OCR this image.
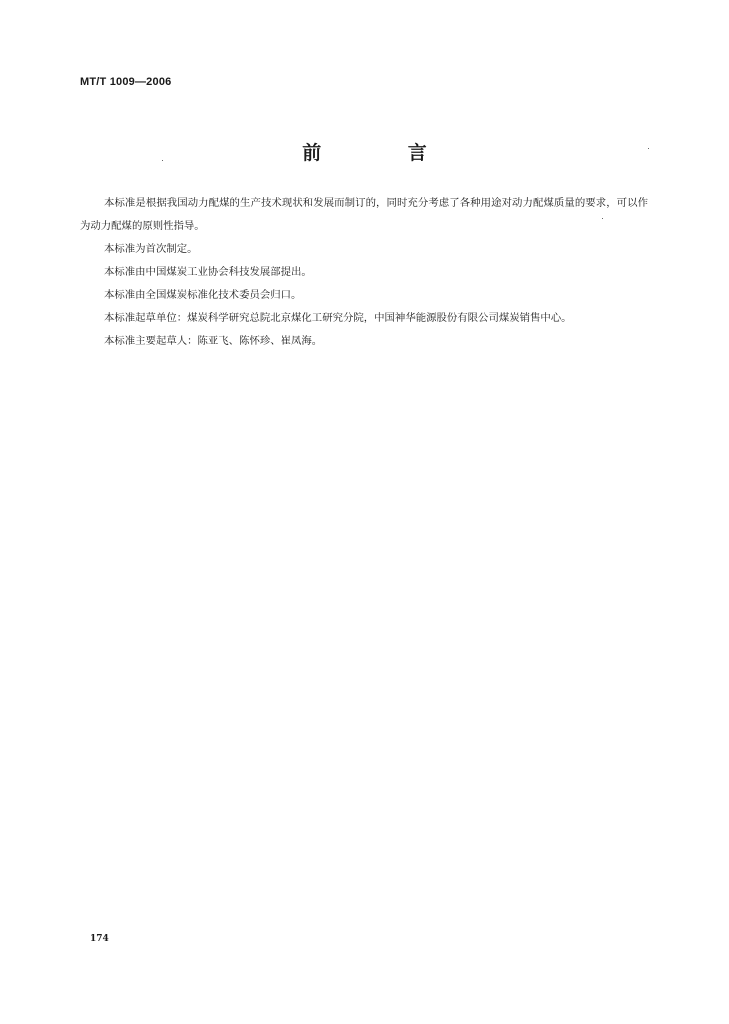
MT/T 1009—2006
前 言

本标准是根据我国动力配煤的生产技术现状和发展而制订的，同时充分考虑了各种用途对动力配煤质量的要求，可以作为动力配煤的原则性指导。

本标准为首次制定。

本标准由中国煤炭工业协会科技发展部提出。

本标准由全国煤炭标准化技术委员会归口。

本标准起草单位：煤炭科学研究总院北京煤化工研究分院，中国神华能源股份有限公司煤炭销售中心。

本标准主要起草人：陈亚飞、陈怀珍、崔凤海。

174
